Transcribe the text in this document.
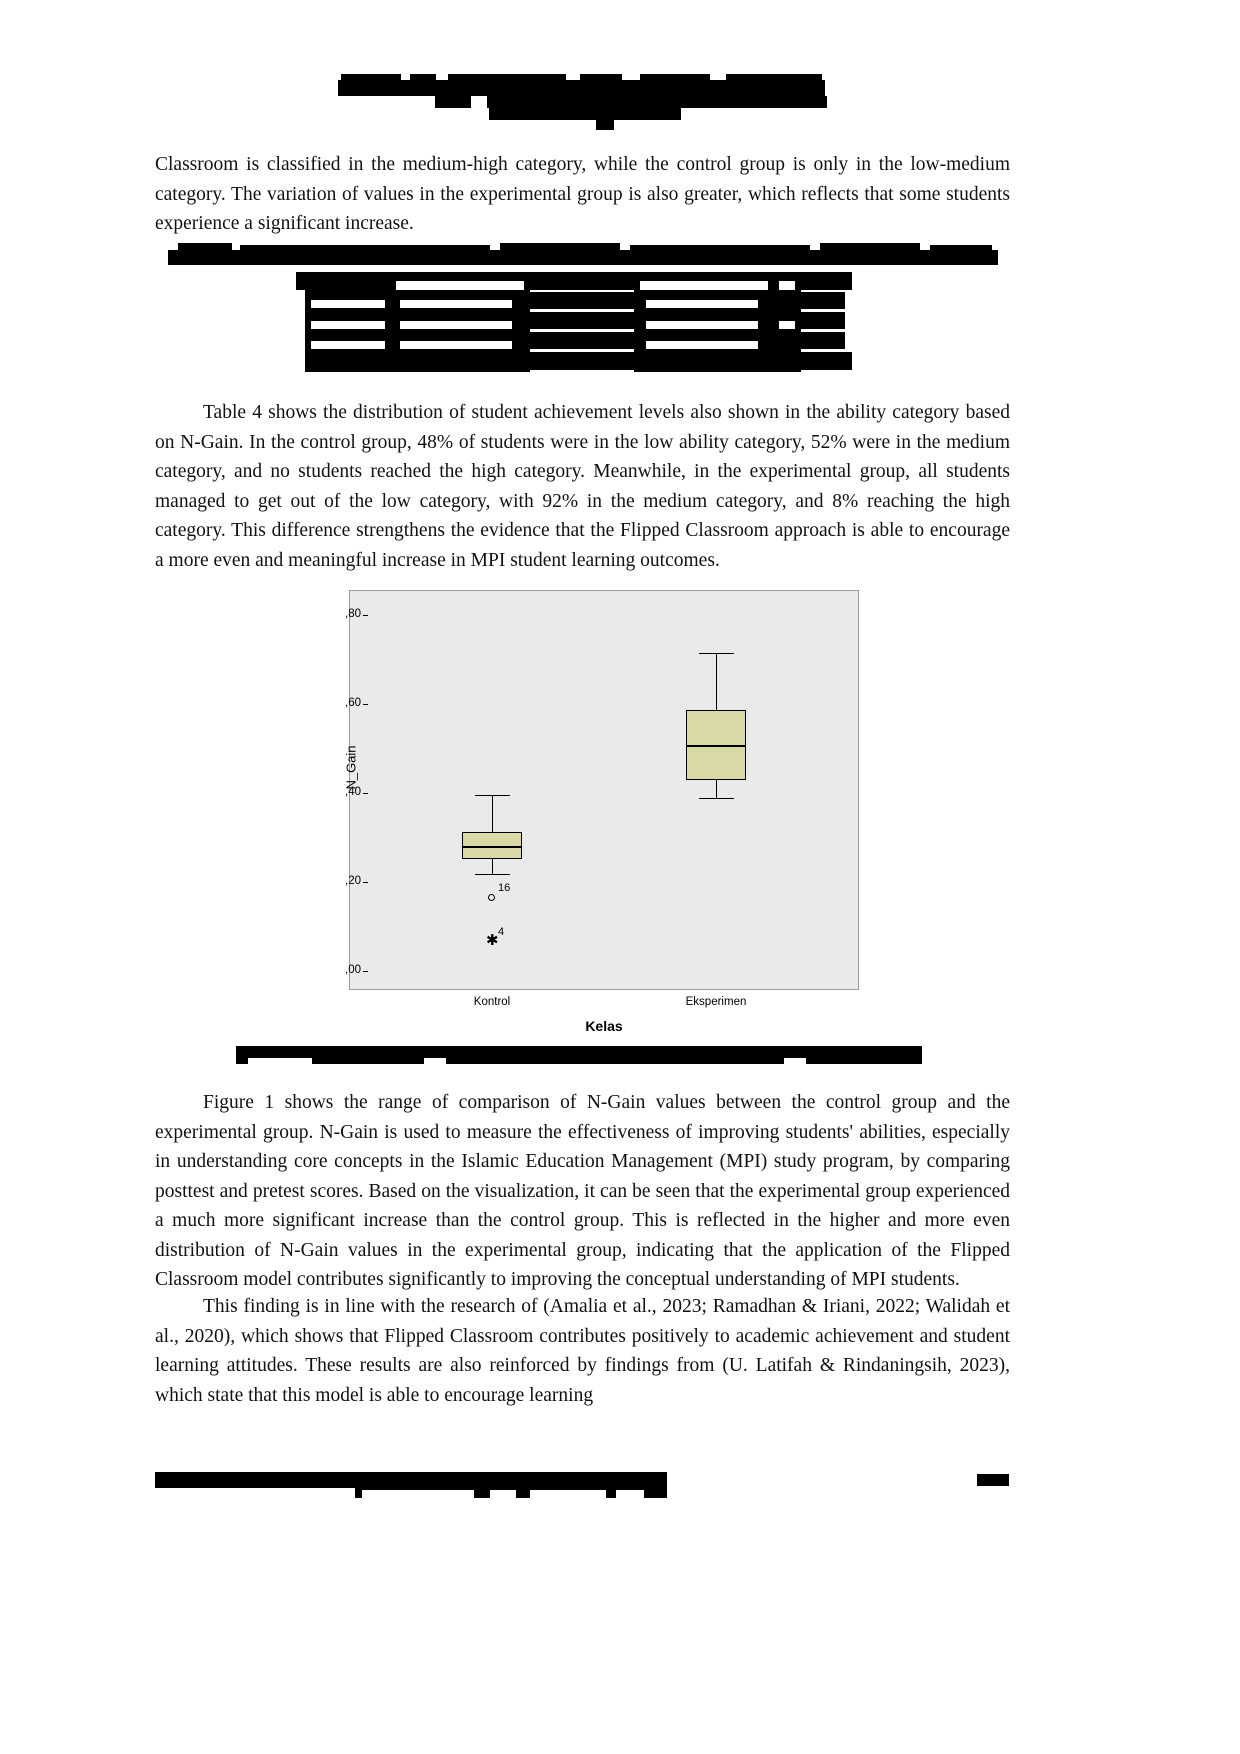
Classroom is classified in the medium-high category, while the control group is only in the low-medium category. The variation of values in the experimental group is also greater, which reflects that some students experience a significant increase.
Table 4 shows the distribution of student achievement levels also shown in the ability category based on N-Gain. In the control group, 48% of students were in the low ability category, 52% were in the medium category, and no students reached the high category. Meanwhile, in the experimental group, all students managed to get out of the low category, with 92% in the medium category, and 8% reaching the high category. This difference strengthens the evidence that the Flipped Classroom approach is able to encourage a more even and meaningful increase in MPI student learning outcomes.
N_Gain
,80
,60
,40
,20
,00
16
✱ 4
Kontrol	Eksperimen
Kelas
Figure 1 shows the range of comparison of N-Gain values between the control group and the experimental group. N-Gain is used to measure the effectiveness of improving students' abilities, especially in understanding core concepts in the Islamic Education Management (MPI) study program, by comparing posttest and pretest scores. Based on the visualization, it can be seen that the experimental group experienced a much more significant increase than the control group. This is reflected in the higher and more even distribution of N-Gain values in the experimental group, indicating that the application of the Flipped Classroom model contributes significantly to improving the conceptual understanding of MPI students.
This finding is in line with the research of (Amalia et al., 2023; Ramadhan & Iriani, 2022; Walidah et al., 2020), which shows that Flipped Classroom contributes positively to academic achievement and student learning attitudes. These results are also reinforced by findings from (U. Latifah & Rindaningsih, 2023), which state that this model is able to encourage learning
